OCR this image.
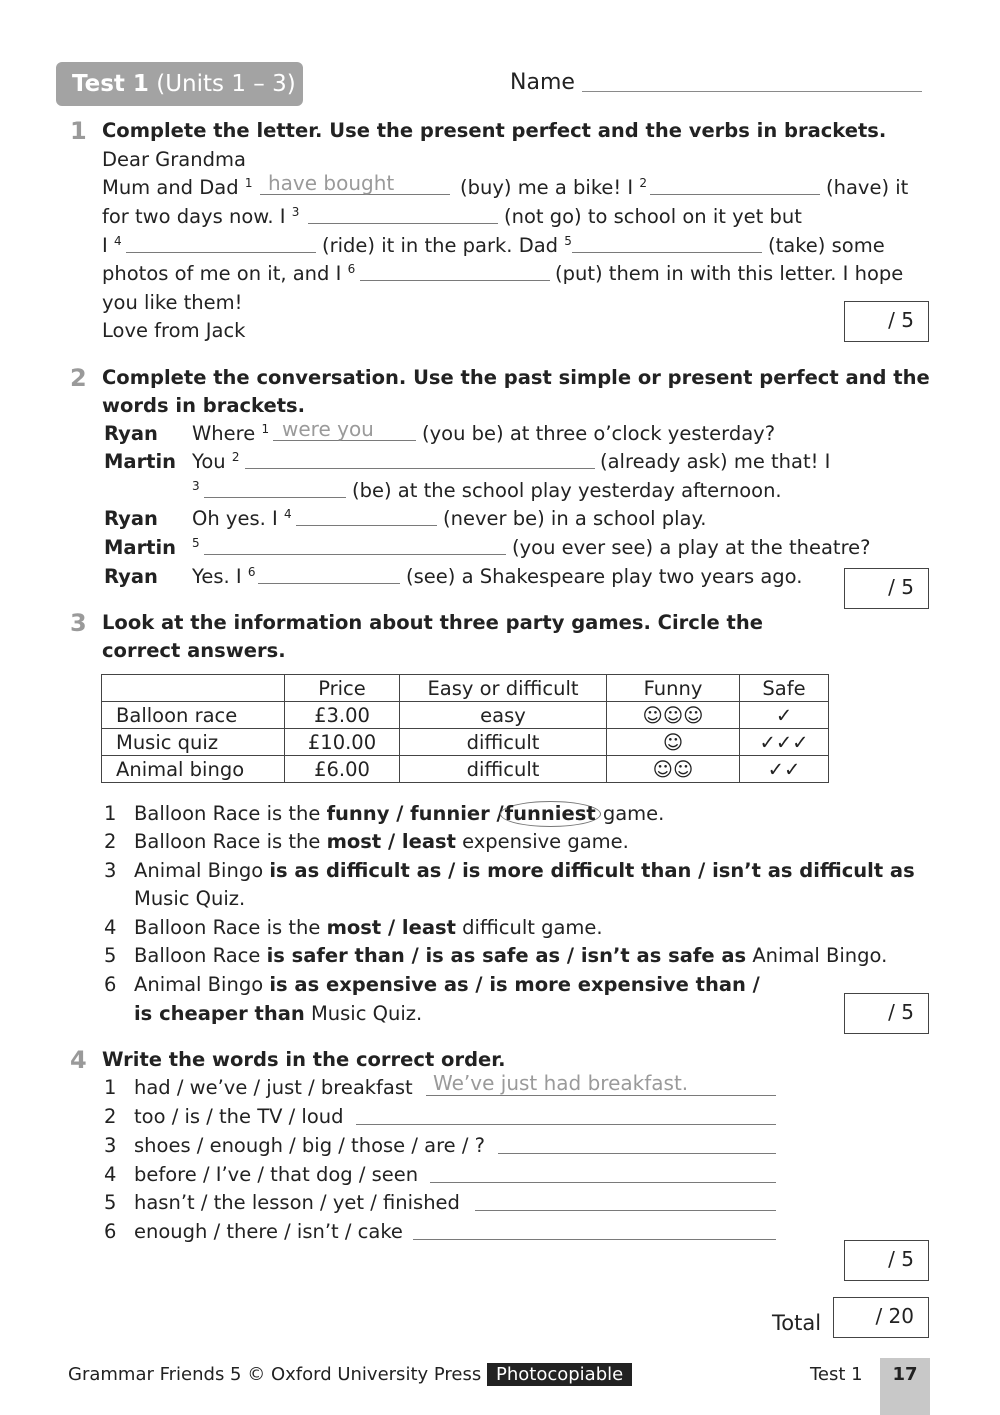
Test 1 (Units 1 – 3)	Name
1 Complete the letter. Use the present perfect and the verbs in brackets.
Dear Grandma
Mum and Dad $^1$ have bought	(buy) me a bike! I $^2$	(have) it
for two days now. I $^3$	(not go) to school on it yet but
I $^4$	(ride) it in the park. Dad $^5$	(take) some
photos of me on it, and I $^6$	(put) them in with this letter. I hope
you like them!
Love from Jack	/ 5
2 Complete the conversation. Use the past simple or present perfect and the
words in brackets.
Ryan Where $^1$ were you (you be) at three o’clock yesterday?
Martin You $^2$	(already ask) me that! I
$^3$	(be) at the school play yesterday afternoon.
Ryan Oh yes. I $^4$	(never be) in a school play.
Martin $^5$	(you ever see) a play at the theatre?
Ryan Yes. I $^6$	(see) a Shakespeare play two years ago.	/ 5
3 Look at the information about three party games. Circle the
correct answers.
	Price	Easy or difficult	Funny	Safe
Balloon race	£3.00	easy	☺☺☺	✓
Music quiz	£10.00	difficult	☺	✓✓✓
Animal bingo	£6.00	difficult	☺☺	✓✓
1 Balloon Race is the funny / funnier /funniest game.
2 Balloon Race is the most / least expensive game.
3 Animal Bingo is as difficult as / is more difficult than / isn’t as difficult as
Music Quiz.
4 Balloon Race is the most / least difficult game.
5 Balloon Race is safer than / is as safe as / isn’t as safe as Animal Bingo.
6 Animal Bingo is as expensive as / is more expensive than /
is cheaper than Music Quiz.	/ 5
4 Write the words in the correct order.
1 had / we’ve / just / breakfast We’ve just had breakfast.
2 too / is / the TV / loud
3 shoes / enough / big / those / are / ?
4 before / I’ve / that dog / seen
5 hasn’t / the lesson / yet / finished
6 enough / there / isn’t / cake
/ 5
Total	/ 20
Grammar Friends 5 © Oxford University Press Photocopiable	Test 1	17
